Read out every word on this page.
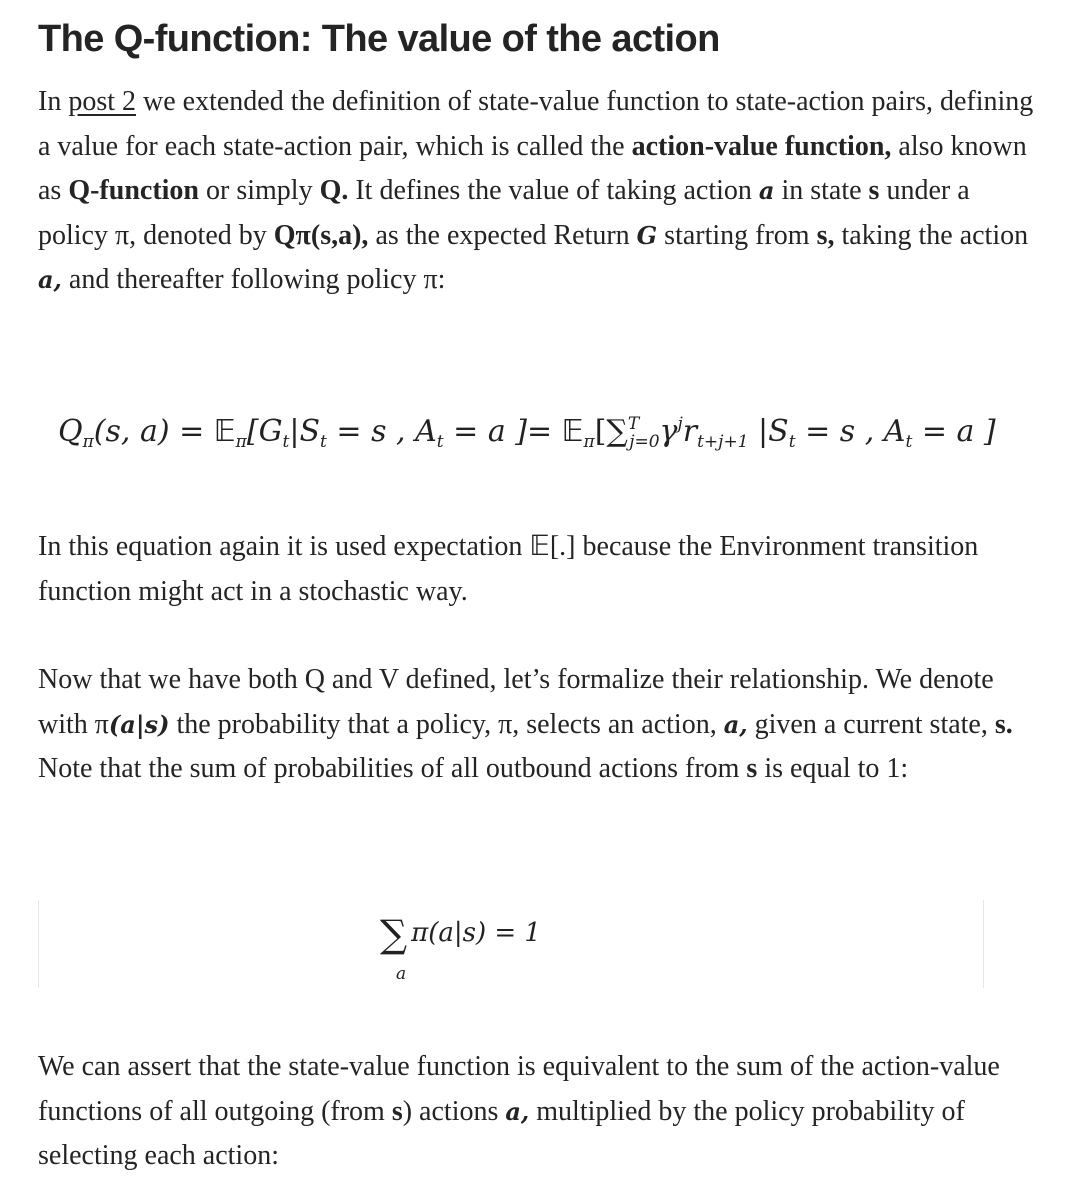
The Q-function: The value of the action

In post 2 we extended the definition of state-value function to state-action pairs, defining a value for each state-action pair, which is called the action-value function, also known as Q-function or simply Q. It defines the value of taking action a in state s under a policy π, denoted by Qπ(s,a), as the expected Return G starting from s, taking the action a, and thereafter following policy π:

$Q_\pi(s$, $a) = 𝔼_\pi[G_t|S_t = s$ , $A_t = a$ ]= $𝔼_\pi[\sum^T_{j=0}\gamma^jr_{t+j+1}$ $|S_t = s$ , $A_t = a$ ]

In this equation again it is used expectation 𝔼[.] because the Environment transition function might act in a stochastic way.

Now that we have both Q and V defined, let’s formalize their relationship. We denote with π(a|s) the probability that a policy, π, selects an action, a, given a current state, s. Note that the sum of probabilities of all outbound actions from s is equal to 1:

∑ π(a|s) = 1
a

We can assert that the state-value function is equivalent to the sum of the action-value functions of all outgoing (from s) actions a, multiplied by the policy probability of selecting each action:
